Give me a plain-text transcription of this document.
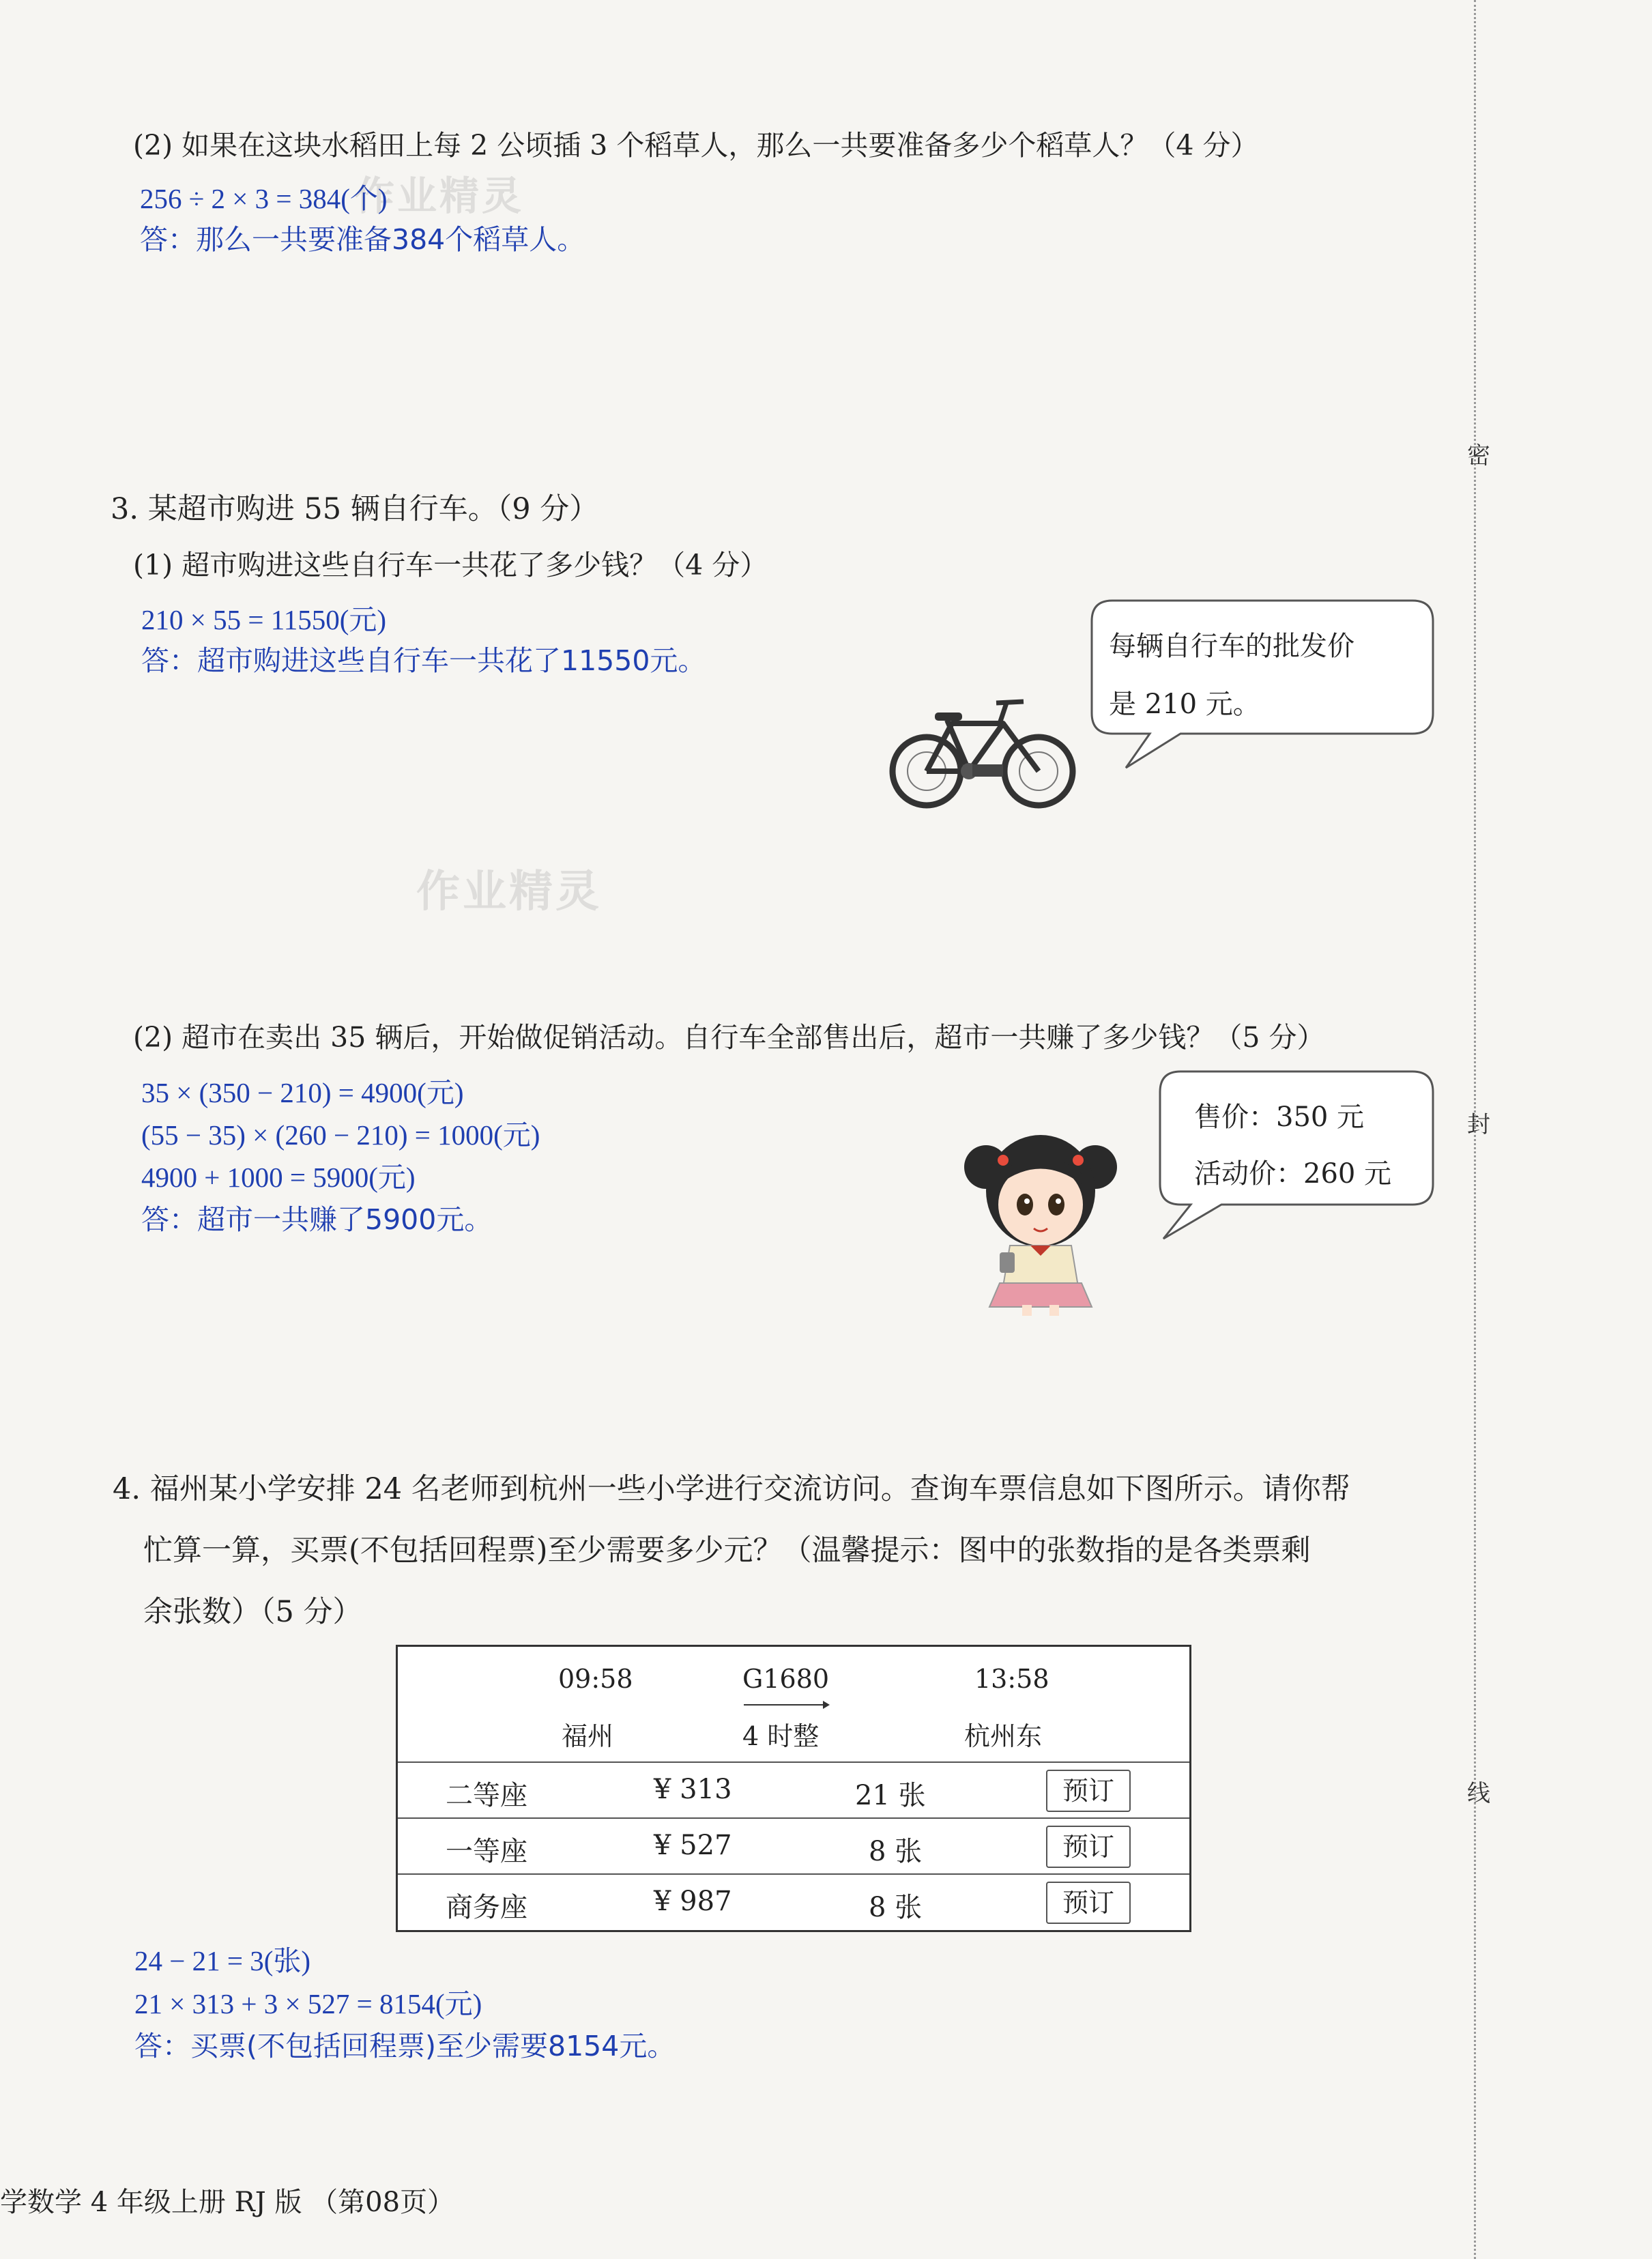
密
封
线
作业精灵
作业精灵
(2) 如果在这块水稻田上每 2 公顷插 3 个稻草人，那么一共要准备多少个稻草人？（4 分）
256 ÷ 2 × 3 = 384(个)
答：那么一共要准备384个稻草人。
3. 某超市购进 55 辆自行车。（9 分）
(1) 超市购进这些自行车一共花了多少钱？（4 分）
210 × 55 = 11550(元)
答：超市购进这些自行车一共花了11550元。	每辆自行车的批发价
是 210 元。
(2) 超市在卖出 35 辆后，开始做促销活动。自行车全部售出后，超市一共赚了多少钱？（5 分）
35 × (350 − 210) = 4900(元)
(55 − 35) × (260 − 210) = 1000(元)
4900 + 1000 = 5900(元)
答：超市一共赚了5900元。
售价：350 元
活动价：260 元
4. 福州某小学安排 24 名老师到杭州一些小学进行交流访问。查询车票信息如下图所示。请你帮
忙算一算，买票(不包括回程票)至少需要多少元？（温馨提示：图中的张数指的是各类票剩
余张数）（5 分）
09:58	G1680	13:58
福州	4 时整	杭州东
二等座	¥ 313	21 张	预订
一等座	¥ 527	8 张	预订
商务座	¥ 987	8 张	预订
24 − 21 = 3(张)
21 × 313 + 3 × 527 = 8154(元)
答：买票(不包括回程票)至少需要8154元。
学数学 4 年级上册 RJ 版 （第08页）
